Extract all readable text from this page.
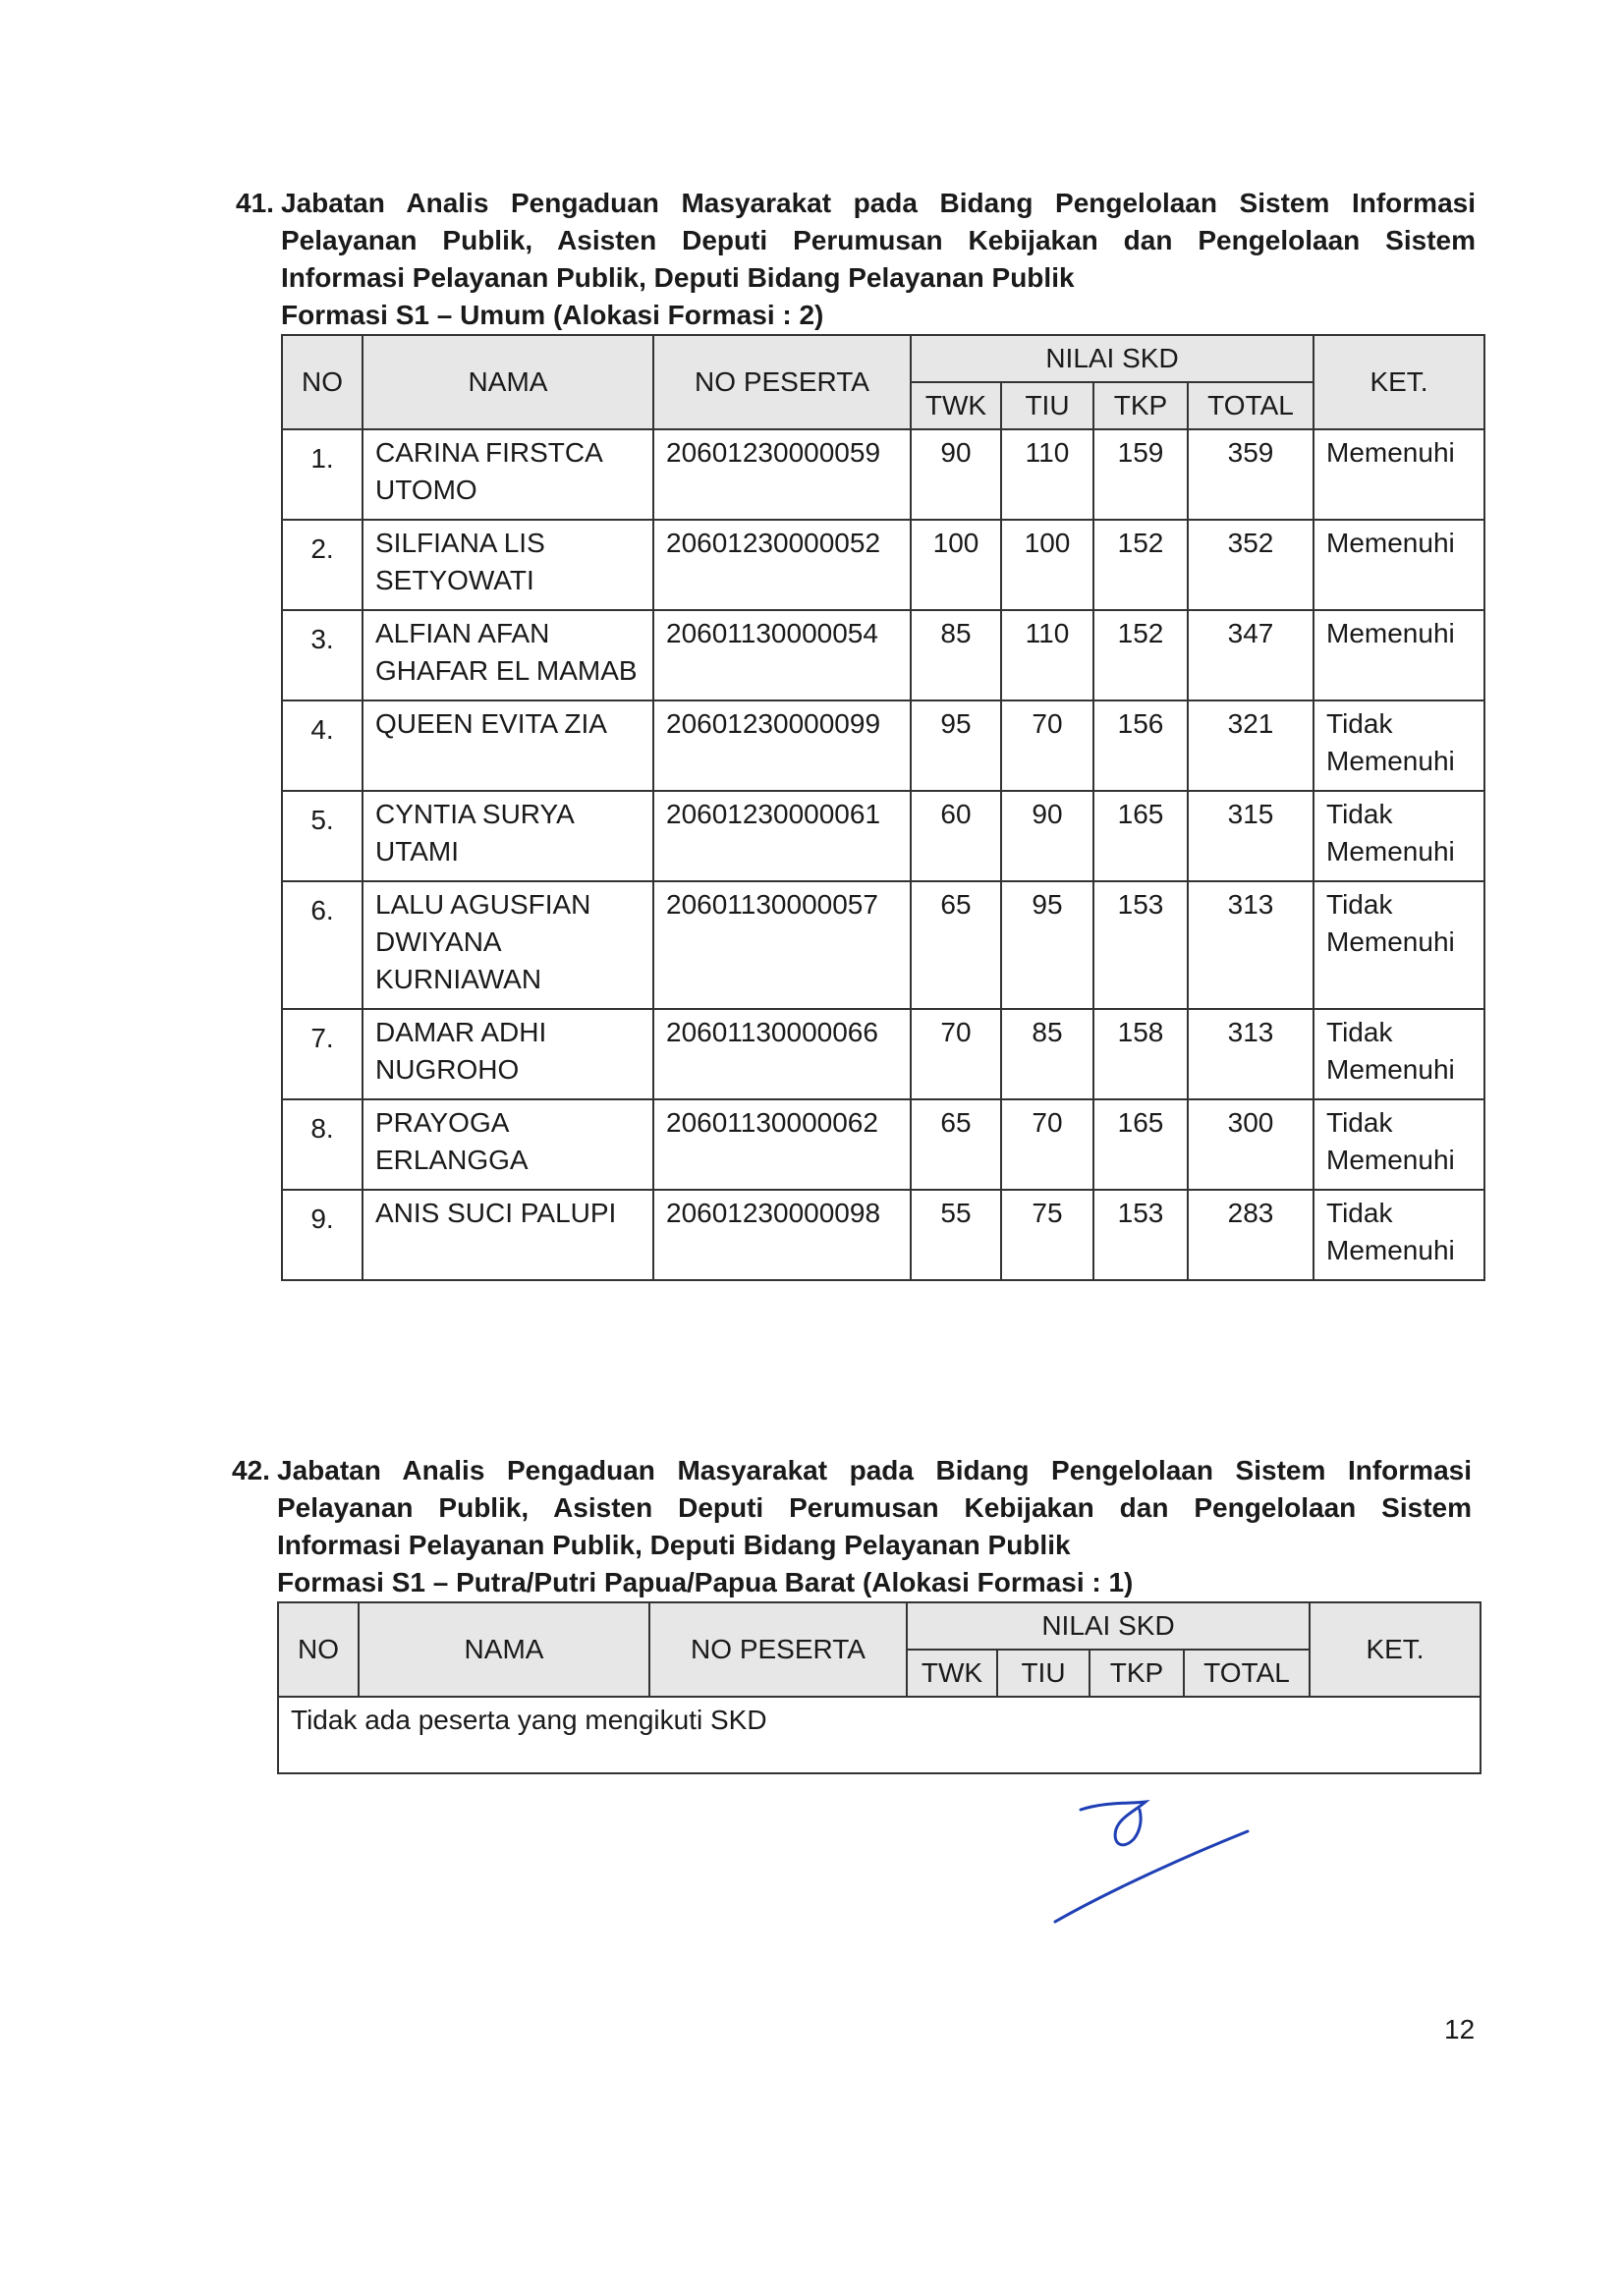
41. Jabatan Analis Pengaduan Masyarakat pada Bidang Pengelolaan Sistem Informasi
Pelayanan Publik, Asisten Deputi Perumusan Kebijakan dan Pengelolaan Sistem
Informasi Pelayanan Publik, Deputi Bidang Pelayanan Publik
Formasi S1 – Umum (Alokasi Formasi : 2)
NO	NAMA	NO PESERTA	NILAI SKD				KET.
			TWK	TIU	TKP	TOTAL	
1.	CARINA FIRSTCA UTOMO	20601230000059	90	110	159	359	Memenuhi
2.	SILFIANA LIS SETYOWATI	20601230000052	100	100	152	352	Memenuhi
3.	ALFIAN AFAN GHAFAR EL MAMAB	20601130000054	85	110	152	347	Memenuhi
4.	QUEEN EVITA ZIA	20601230000099	95	70	156	321	Tidak Memenuhi
5.	CYNTIA SURYA UTAMI	20601230000061	60	90	165	315	Tidak Memenuhi
6.	LALU AGUSFIAN DWIYANA KURNIAWAN	20601130000057	65	95	153	313	Tidak Memenuhi
7.	DAMAR ADHI NUGROHO	20601130000066	70	85	158	313	Tidak Memenuhi
8.	PRAYOGA ERLANGGA	20601130000062	65	70	165	300	Tidak Memenuhi
9.	ANIS SUCI PALUPI	20601230000098	55	75	153	283	Tidak Memenuhi
42. Jabatan Analis Pengaduan Masyarakat pada Bidang Pengelolaan Sistem Informasi
Pelayanan Publik, Asisten Deputi Perumusan Kebijakan dan Pengelolaan Sistem
Informasi Pelayanan Publik, Deputi Bidang Pelayanan Publik
Formasi S1 – Putra/Putri Papua/Papua Barat (Alokasi Formasi : 1)
NO	NAMA	NO PESERTA	NILAI SKD				KET.
			TWK	TIU	TKP	TOTAL	
Tidak ada peserta yang mengikuti SKD							
12
